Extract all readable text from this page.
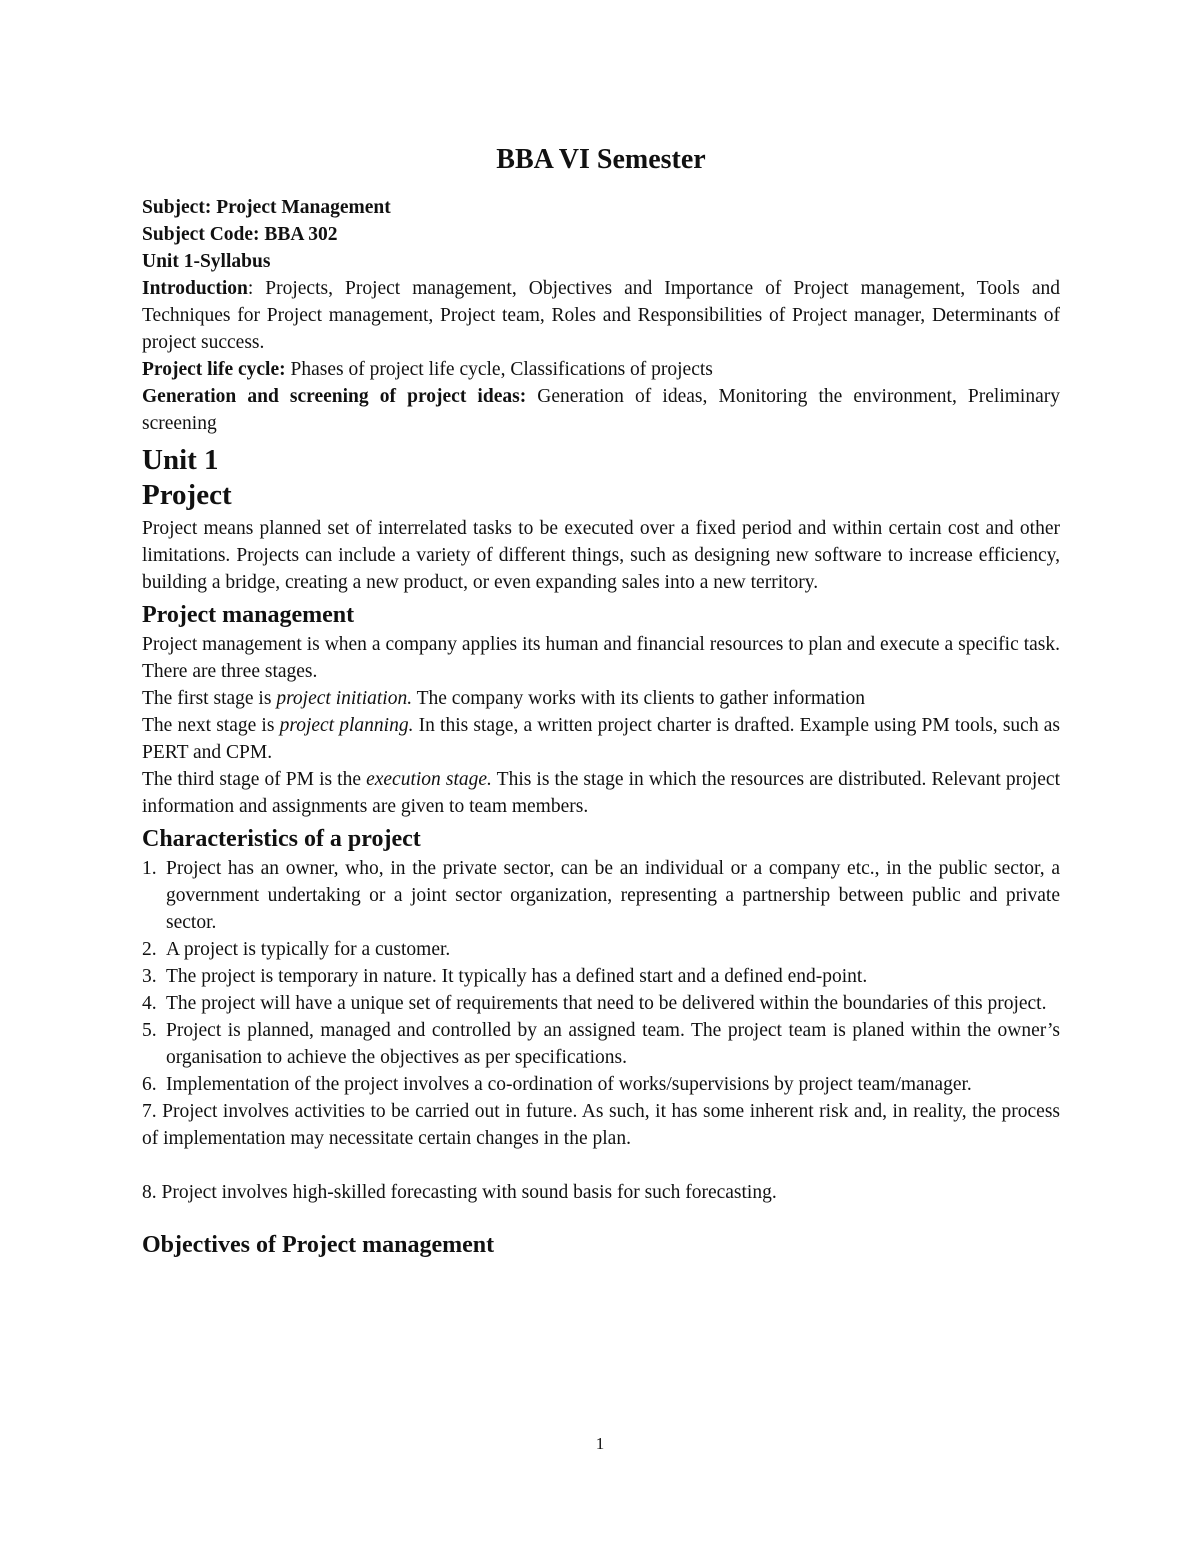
BBA VI Semester

Subject: Project Management

Subject Code: BBA 302

Unit 1-Syllabus

Introduction: Projects, Project management, Objectives and Importance of Project management, Tools and Techniques for Project management, Project team, Roles and Responsibilities of Project manager, Determinants of project success.

Project life cycle: Phases of project life cycle, Classifications of projects

Generation and screening of project ideas: Generation of ideas, Monitoring the environment, Preliminary screening

Unit 1
Project

Project means planned set of interrelated tasks to be executed over a fixed period and within certain cost and other limitations. Projects can include a variety of different things, such as designing new software to increase efficiency, building a bridge, creating a new product, or even expanding sales into a new territory.

Project management

Project management is when a company applies its human and financial resources to plan and execute a specific task. There are three stages.

The first stage is project initiation. The company works with its clients to gather information

The next stage is project planning. In this stage, a written project charter is drafted. Example using PM tools, such as PERT and CPM.

The third stage of PM is the execution stage. This is the stage in which the resources are distributed. Relevant project information and assignments are given to team members.

Characteristics of a project
1. Project has an owner, who, in the private sector, can be an individual or a company etc., in the public sector, a government undertaking or a joint sector organization, representing a partnership between public and private sector.
2. A project is typically for a customer.
3. The project is temporary in nature. It typically has a defined start and a defined end-point.
4. The project will have a unique set of requirements that need to be delivered within the boundaries of this project.
5. Project is planned, managed and controlled by an assigned team. The project team is planed within the owner’s organisation to achieve the objectives as per specifications.
6. Implementation of the project involves a co-ordination of works/supervisions by project team/manager.

7. Project involves activities to be carried out in future. As such, it has some inherent risk and, in reality, the process of implementation may necessitate certain changes in the plan.

8. Project involves high-skilled forecasting with sound basis for such forecasting.

Objectives of Project management
1
